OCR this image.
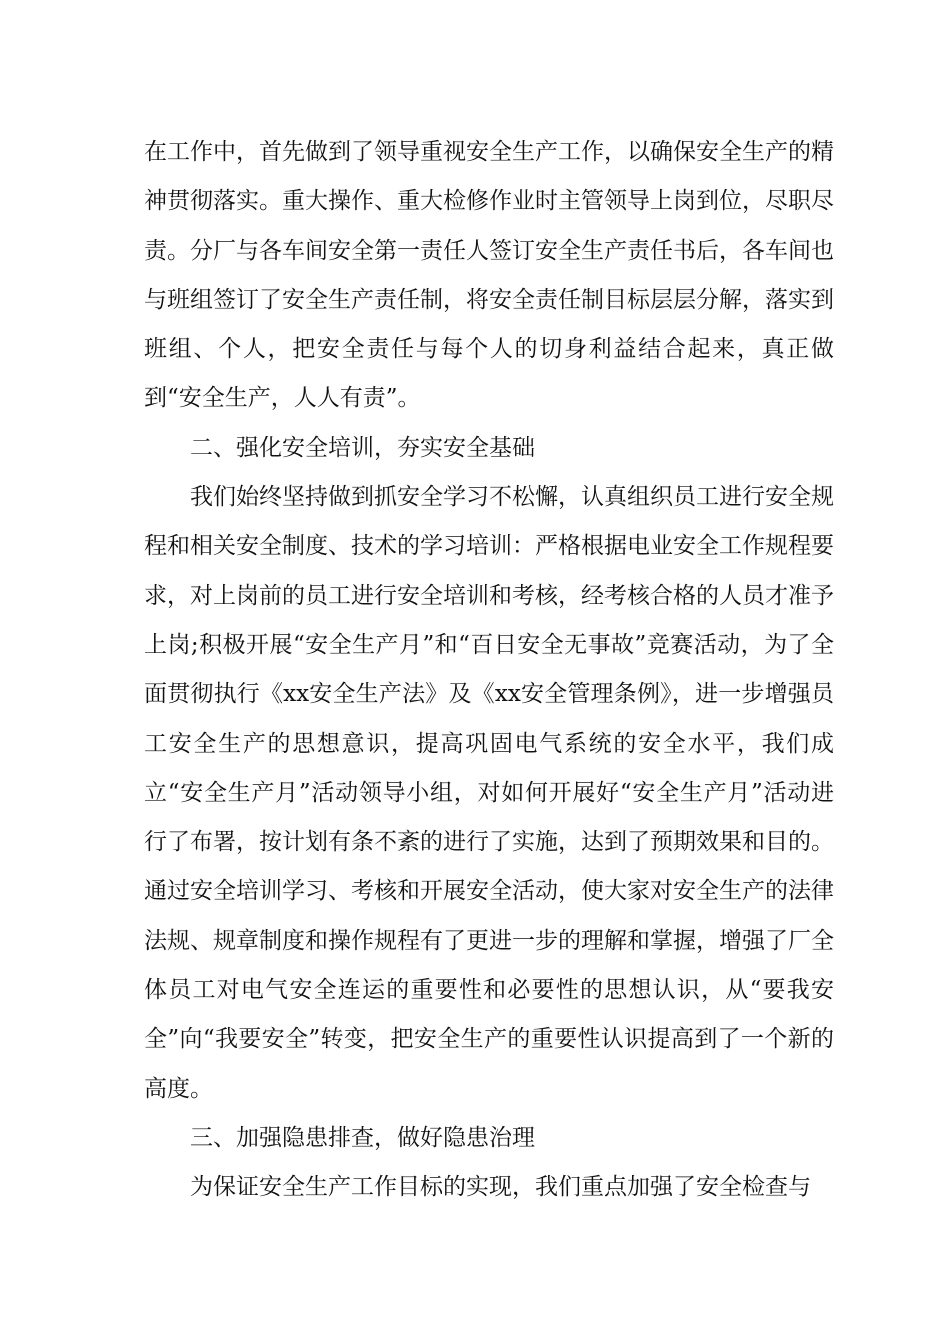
在工作中，首先做到了领导重视安全生产工作，以确保安全生产的精神贯彻落实。重大操作、重大检修作业时主管领导上岗到位，尽职尽责。分厂与各车间安全第一责任人签订安全生产责任书后，各车间也与班组签订了安全生产责任制，将安全责任制目标层层分解，落实到班组、个人，把安全责任与每个人的切身利益结合起来，真正做到“安全生产，人人有责”。

二、强化安全培训，夯实安全基础

我们始终坚持做到抓安全学习不松懈，认真组织员工进行安全规程和相关安全制度、技术的学习培训：严格根据电业安全工作规程要求，对上岗前的员工进行安全培训和考核，经考核合格的人员才准予上岗;积极开展“安全生产月”和“百日安全无事故”竞赛活动，为了全面贯彻执行《xx安全生产法》及《xx安全管理条例》，进一步增强员工安全生产的思想意识，提高巩固电气系统的安全水平，我们成立“安全生产月”活动领导小组，对如何开展好“安全生产月”活动进行了布署，按计划有条不紊的进行了实施，达到了预期效果和目的。通过安全培训学习、考核和开展安全活动，使大家对安全生产的法律法规、规章制度和操作规程有了更进一步的理解和掌握，增强了厂全体员工对电气安全连运的重要性和必要性的思想认识，从“要我安全”向“我要安全”转变，把安全生产的重要性认识提高到了一个新的高度。

三、加强隐患排查，做好隐患治理

为保证安全生产工作目标的实现，我们重点加强了安全检查与
